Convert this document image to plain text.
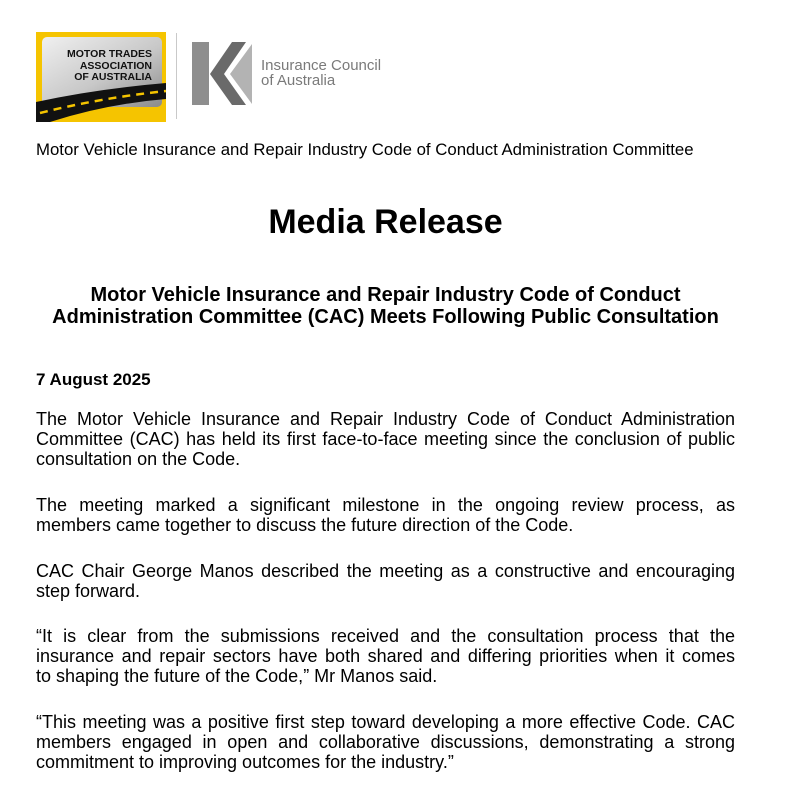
MOTOR TRADES
ASSOCIATION
OF AUSTRALIA
Insurance Council
of Australia
Motor Vehicle Insurance and Repair Industry Code of Conduct Administration Committee
Media Release
Motor Vehicle Insurance and Repair Industry Code of Conduct
Administration Committee (CAC) Meets Following Public Consultation
7 August 2025
The Motor Vehicle Insurance and Repair Industry Code of Conduct Administration
Committee (CAC) has held its first face-to-face meeting since the conclusion of public
consultation on the Code.
The meeting marked a significant milestone in the ongoing review process, as
members came together to discuss the future direction of the Code.
CAC Chair George Manos described the meeting as a constructive and encouraging
step forward.
“It is clear from the submissions received and the consultation process that the
insurance and repair sectors have both shared and differing priorities when it comes
to shaping the future of the Code,” Mr Manos said.
“This meeting was a positive first step toward developing a more effective Code. CAC
members engaged in open and collaborative discussions, demonstrating a strong
commitment to improving outcomes for the industry.”
